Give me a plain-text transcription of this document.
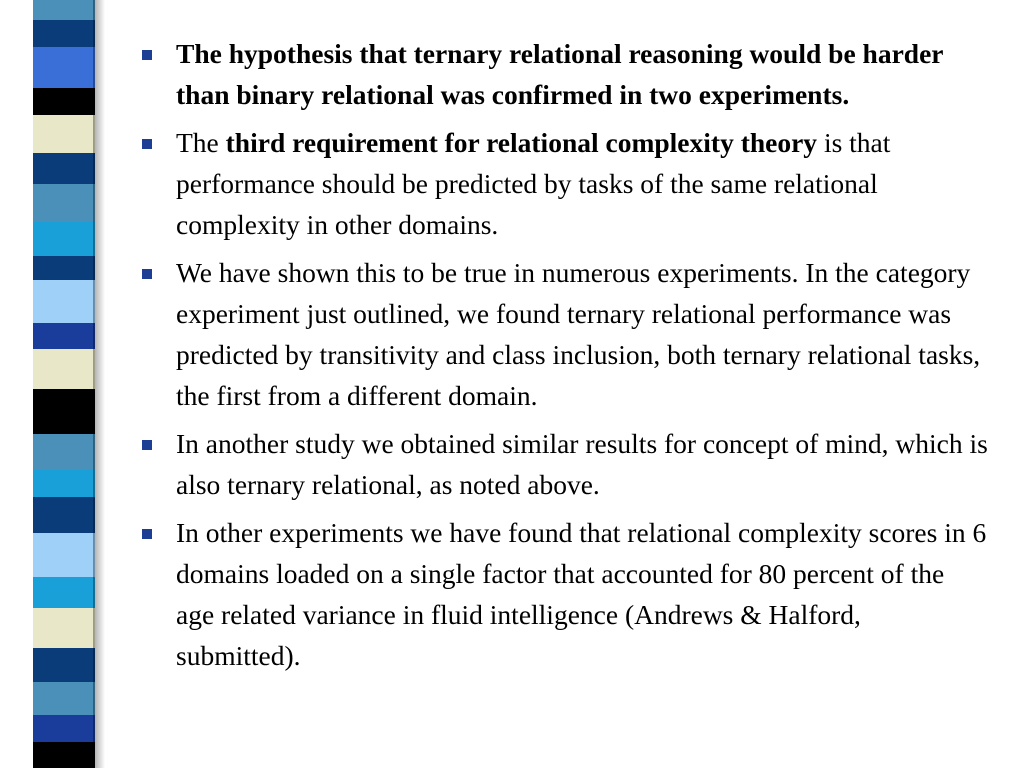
The hypothesis that ternary relational reasoning would be harder than binary relational was confirmed in two experiments.
The third requirement for relational complexity theory is that performance should be predicted by tasks of the same relational complexity in other domains.
We have shown this to be true in numerous experiments. In the category experiment just outlined, we found ternary relational performance was predicted by transitivity and class inclusion, both ternary relational tasks, the first from a different domain.
In another study we obtained similar results for concept of mind, which is also ternary relational, as noted above.
In other experiments we have found that relational complexity scores in 6 domains loaded on a single factor that accounted for 80 percent of the age related variance in fluid intelligence (Andrews & Halford, submitted).
